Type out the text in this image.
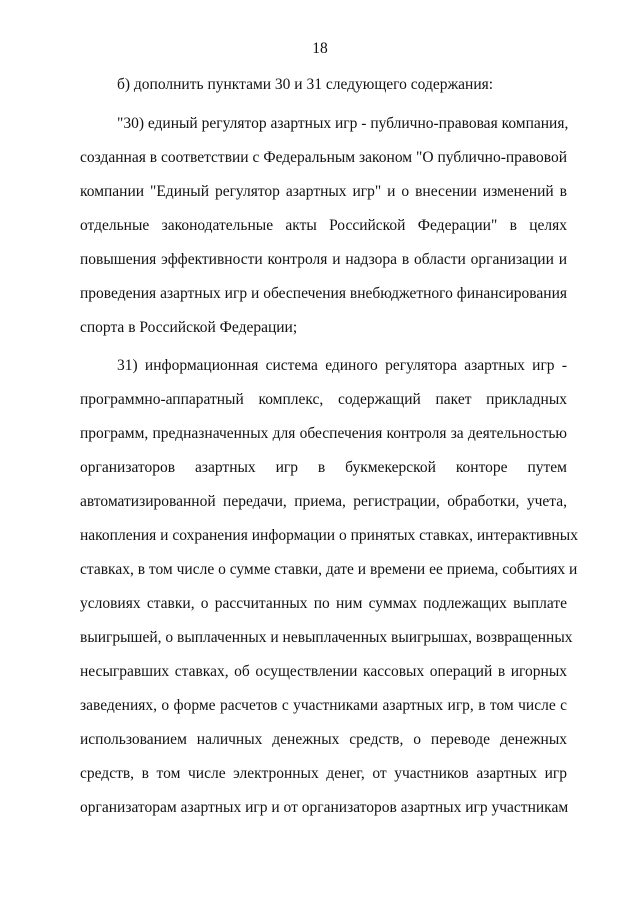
18
б) дополнить пунктами 30 и 31 следующего содержания:
"30) единый регулятор азартных игр - публично-правовая компания,
созданная в соответствии с Федеральным законом "О публично-правовой
компании "Единый регулятор азартных игр" и о внесении изменений в
отдельные законодательные акты Российской Федерации" в целях
повышения эффективности контроля и надзора в области организации и
проведения азартных игр и обеспечения внебюджетного финансирования
спорта в Российской Федерации;
31) информационная система единого регулятора азартных игр -
программно-аппаратный комплекс, содержащий пакет прикладных
программ, предназначенных для обеспечения контроля за деятельностью
организаторов азартных игр в букмекерской конторе путем
автоматизированной передачи, приема, регистрации, обработки, учета,
накопления и сохранения информации о принятых ставках, интерактивных
ставках, в том числе о сумме ставки, дате и времени ее приема, событиях и
условиях ставки, о рассчитанных по ним суммах подлежащих выплате
выигрышей, о выплаченных и невыплаченных выигрышах, возвращенных
несыгравших ставках, об осуществлении кассовых операций в игорных
заведениях, о форме расчетов с участниками азартных игр, в том числе с
использованием наличных денежных средств, о переводе денежных
средств, в том числе электронных денег, от участников азартных игр
организаторам азартных игр и от организаторов азартных игр участникам
